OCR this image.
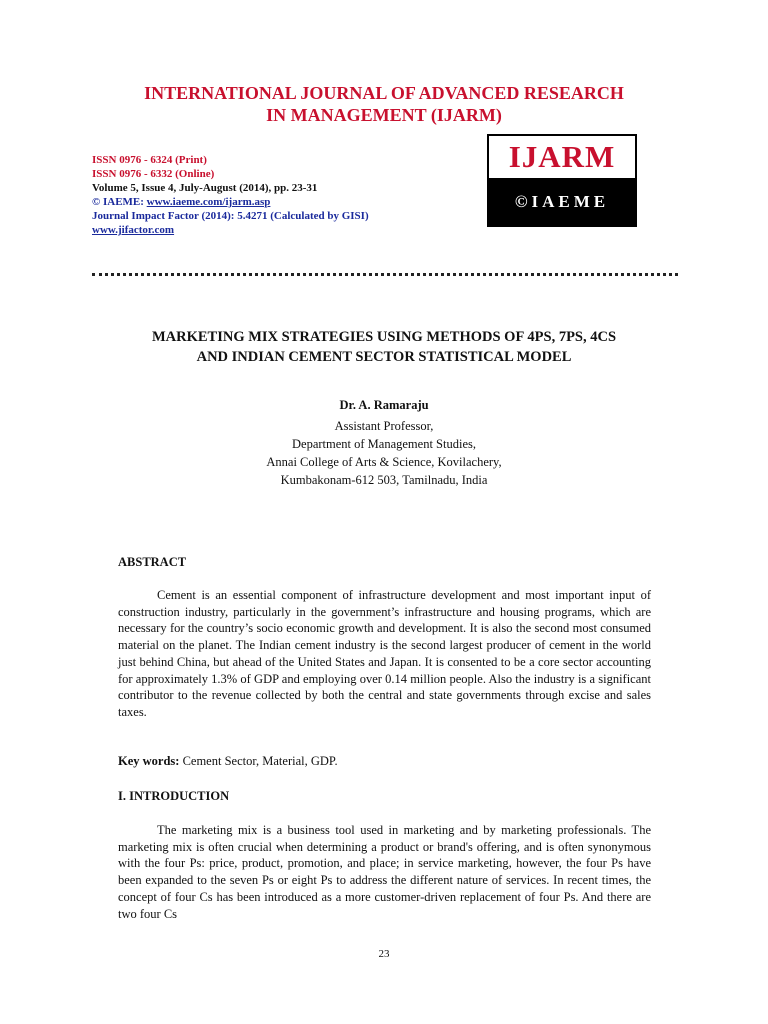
INTERNATIONAL JOURNAL OF ADVANCED RESEARCH
IN MANAGEMENT (IJARM)
ISSN 0976 - 6324 (Print)
ISSN 0976 - 6332 (Online)
Volume 5, Issue 4, July-August (2014), pp. 23-31
© IAEME: www.iaeme.com/ijarm.asp
Journal Impact Factor (2014): 5.4271 (Calculated by GISI)
www.jifactor.com
IJARM
©IAEME
MARKETING MIX STRATEGIES USING METHODS OF 4PS, 7PS, 4CS
AND INDIAN CEMENT SECTOR STATISTICAL MODEL
Dr. A. Ramaraju
Assistant Professor,
Department of Management Studies,
Annai College of Arts & Science, Kovilachery,
Kumbakonam-612 503, Tamilnadu, India
ABSTRACT

Cement is an essential component of infrastructure development and most important input of construction industry, particularly in the government’s infrastructure and housing programs, which are necessary for the country’s socio economic growth and development. It is also the second most consumed material on the planet. The Indian cement industry is the second largest producer of cement in the world just behind China, but ahead of the United States and Japan. It is consented to be a core sector accounting for approximately 1.3% of GDP and employing over 0.14 million people. Also the industry is a significant contributor to the revenue collected by both the central and state governments through excise and sales taxes.

Key words: Cement Sector, Material, GDP.
I. INTRODUCTION

The marketing mix is a business tool used in marketing and by marketing professionals. The marketing mix is often crucial when determining a product or brand's offering, and is often synonymous with the four Ps: price, product, promotion, and place; in service marketing, however, the four Ps have been expanded to the seven Ps or eight Ps to address the different nature of services. In recent times, the concept of four Cs has been introduced as a more customer-driven replacement of four Ps. And there are two four Cs

23
